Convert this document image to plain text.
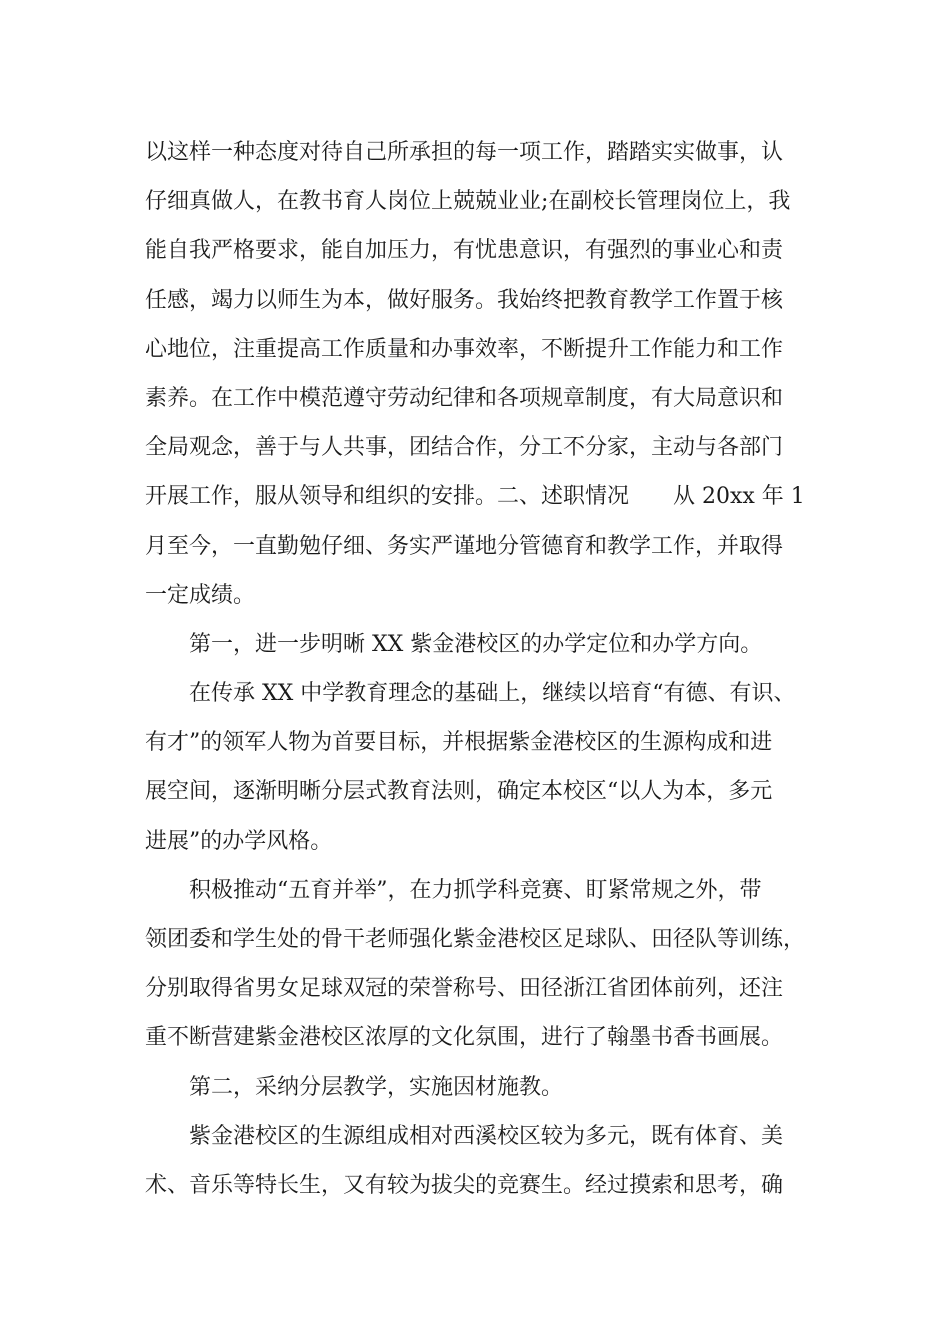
以这样一种态度对待自己所承担的每一项工作，踏踏实实做事，认
仔细真做人，在教书育人岗位上兢兢业业;在副校长管理岗位上，我
能自我严格要求，能自加压力，有忧患意识，有强烈的事业心和责
任感，竭力以师生为本，做好服务。我始终把教育教学工作置于核
心地位，注重提高工作质量和办事效率，不断提升工作能力和工作
素养。在工作中模范遵守劳动纪律和各项规章制度，有大局意识和
全局观念，善于与人共事，团结合作，分工不分家，主动与各部门
开展工作，服从领导和组织的安排。二、述职情况　　从 20xx 年 1
月至今，一直勤勉仔细、务实严谨地分管德育和教学工作，并取得
一定成绩。
第一，进一步明晰 XX 紫金港校区的办学定位和办学方向。
在传承 XX 中学教育理念的基础上，继续以培育“有德、有识、
有才”的领军人物为首要目标，并根据紫金港校区的生源构成和进
展空间，逐渐明晰分层式教育法则，确定本校区“以人为本，多元
进展”的办学风格。
积极推动“五育并举”，在力抓学科竞赛、盯紧常规之外，带
领团委和学生处的骨干老师强化紫金港校区足球队、田径队等训练，
分别取得省男女足球双冠的荣誉称号、田径浙江省团体前列，还注
重不断营建紫金港校区浓厚的文化氛围，进行了翰墨书香书画展。
第二，采纳分层教学，实施因材施教。
紫金港校区的生源组成相对西溪校区较为多元，既有体育、美
术、音乐等特长生，又有较为拔尖的竞赛生。经过摸索和思考，确
